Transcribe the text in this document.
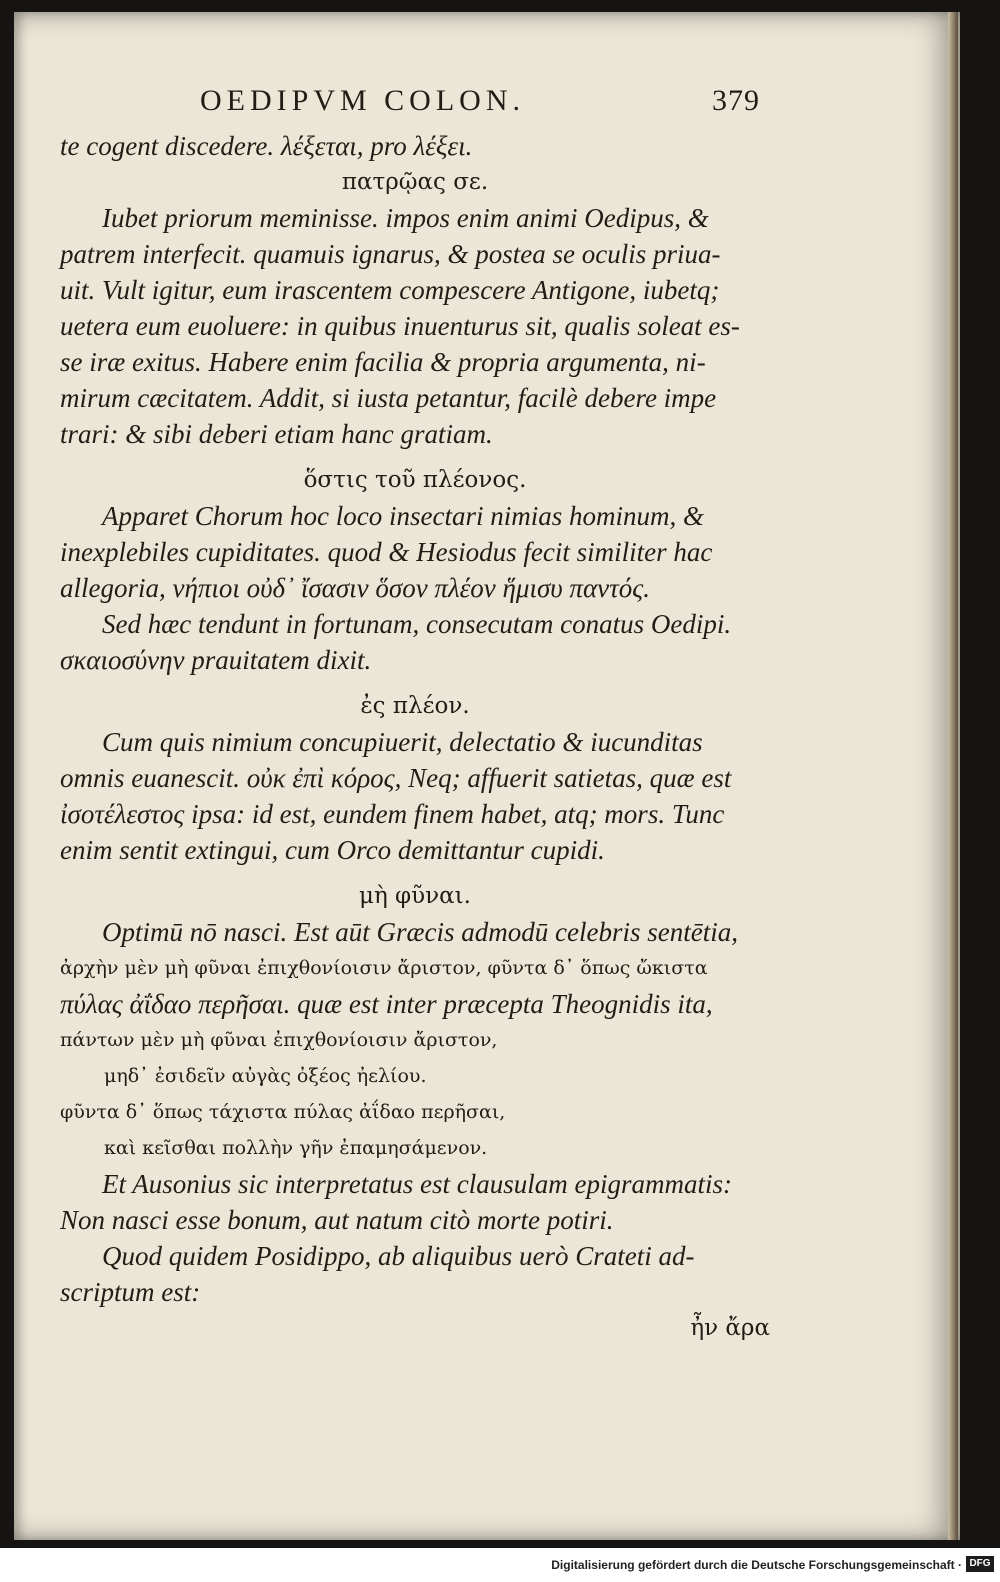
OEDIPVM COLON.	379
te cogent discedere. λέξεται, pro λέξει.
πατρῷας σε.
Iubet priorum meminisse. impos enim animi Oedipus, &
patrem interfecit. quamuis ignarus, & postea se oculis priua-
uit. Vult igitur, eum irascentem compescere Antigone, iubetq;
uetera eum euoluere: in quibus inuenturus sit, qualis soleat es-
se iræ exitus. Habere enim facilia & propria argumenta, ni-
mirum cæcitatem. Addit, si iusta petantur, facilè debere impe
trari: & sibi deberi etiam hanc gratiam.
ὅστις τοῦ πλέονος.
Apparet Chorum hoc loco insectari nimias hominum, &
inexplebiles cupiditates. quod & Hesiodus fecit similiter hac
allegoria, νήπιοι οὐδ᾽ ἴσασιν ὅσον πλέον ἥμισυ παντός.
Sed hæc tendunt in fortunam, consecutam conatus Oedipi.
σκαιοσύνην prauitatem dixit.
ἐς πλέον.
Cum quis nimium concupiuerit, delectatio & iucunditas
omnis euanescit. οὐκ ἐπὶ κόρος, Neq; affuerit satietas, quæ est
ἰσοτέλεστος ipsa: id est, eundem finem habet, atq; mors. Tunc
enim sentit extingui, cum Orco demittantur cupidi.
μὴ φῦναι.
Optimū nō nasci. Est aūt Græcis admodū celebris sentētia,
ἀρχὴν μὲν μὴ φῦναι ἐπιχθονίοισιν ἄριστον, φῦντα δ᾽ ὅπως ὤκιστα
πύλας ἀΐδαο περῆσαι. quæ est inter præcepta Theognidis ita,
πάντων μὲν μὴ φῦναι ἐπιχθονίοισιν ἄριστον,
μηδ᾽ ἐσιδεῖν αὐγὰς ὀξέος ἠελίου.
φῦντα δ᾽ ὅπως τάχιστα πύλας ἀΐδαο περῆσαι,
καὶ κεῖσθαι πολλὴν γῆν ἐπαμησάμενον.
Et Ausonius sic interpretatus est clausulam epigrammatis:
Non nasci esse bonum, aut natum citò morte potiri.
Quod quidem Posidippo, ab aliquibus uerò Crateti ad-
scriptum est:
ἦν ἄρα
Digitalisierung gefördert durch die Deutsche Forschungsgemeinschaft · DFG
